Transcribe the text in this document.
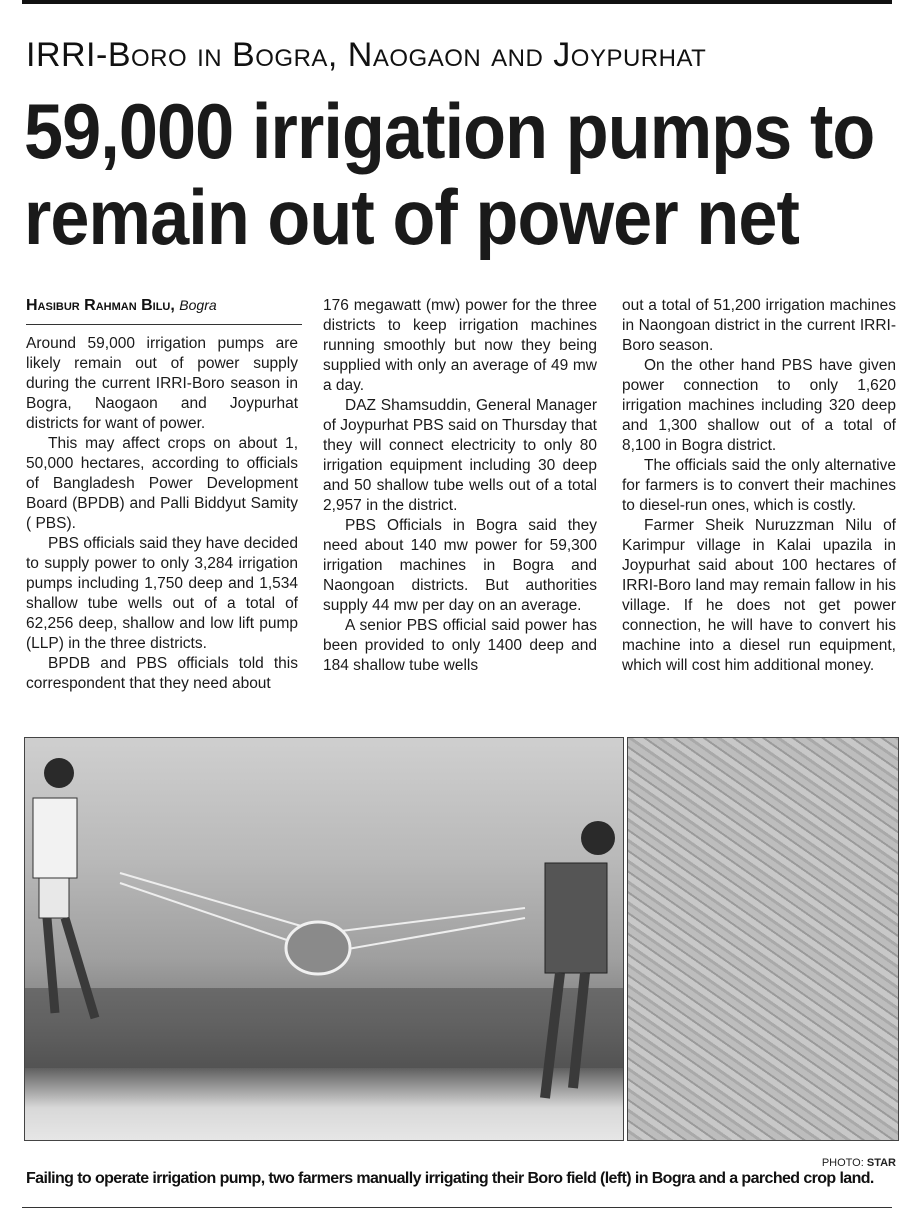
IRRI-Boro in Bogra, Naogaon and Joypurhat
59,000 irrigation pumps to
remain out of power net
Hasibur Rahman Bilu, Bogra

Around 59,000 irrigation pumps are likely remain out of power supply during the current IRRI-Boro season in Bogra, Naogaon and Joypurhat districts for want of power.

This may affect crops on about 1, 50,000 hectares, according to officials of Bangladesh Power Development Board (BPDB) and Palli Biddyut Samity ( PBS).

PBS officials said they have decided to supply power to only 3,284 irrigation pumps including 1,750 deep and 1,534 shallow tube wells out of a total of 62,256 deep, shallow and low lift pump (LLP) in the three districts.

BPDB and PBS officials told this correspondent that they need about

176 megawatt (mw) power for the three districts to keep irrigation machines running smoothly but now they being supplied with only an average of 49 mw a day.

DAZ Shamsuddin, General Manager of Joypurhat PBS said on Thursday that they will connect electricity to only 80 irrigation equipment including 30 deep and 50 shallow tube wells out of a total 2,957 in the district.

PBS Officials in Bogra said they need about 140 mw power for 59,300 irrigation machines in Bogra and Naongoan districts. But authorities supply 44 mw per day on an average.

A senior PBS official said power has been provided to only 1400 deep and 184 shallow tube wells

out a total of 51,200 irrigation machines in Naongoan district in the current IRRI-Boro season.

On the other hand PBS have given power connection to only 1,620 irrigation machines including 320 deep and 1,300 shallow out of a total of 8,100 in Bogra district.

The officials said the only alternative for farmers is to convert their machines to diesel-run ones, which is costly.

Farmer Sheik Nuruzzman Nilu of Karimpur village in Kalai upazila in Joypurhat said about 100 hectares of IRRI-Boro land may remain fallow in his village. If he does not get power connection, he will have to convert his machine into a diesel run equipment, which will cost him additional money.

PHOTO: STAR
Failing to operate irrigation pump, two farmers manually irrigating their Boro field (left) in Bogra and a parched crop land.
